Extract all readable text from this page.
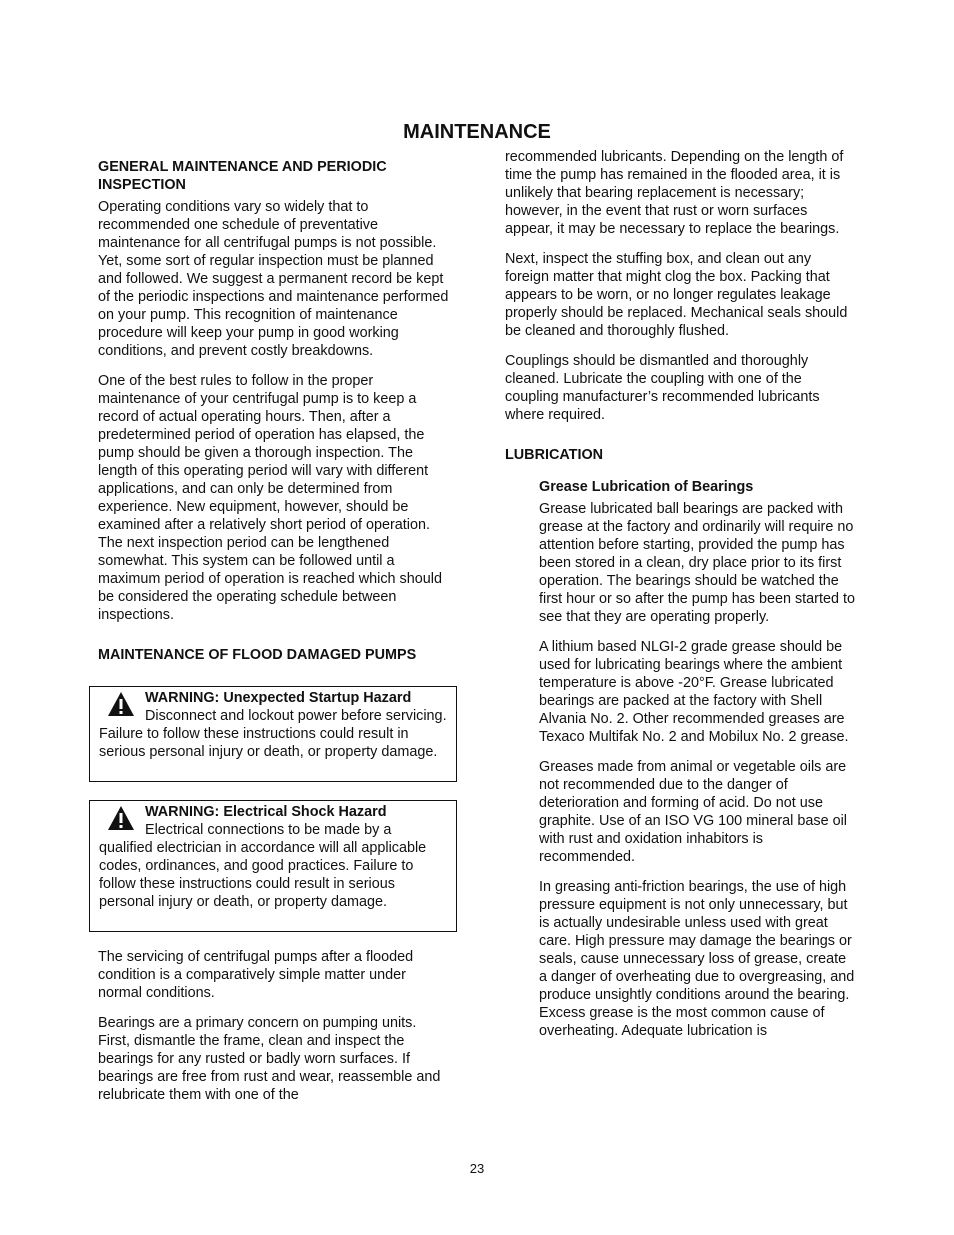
MAINTENANCE

GENERAL MAINTENANCE AND PERIODIC INSPECTION

Operating conditions vary so widely that to recommended one schedule of preventative maintenance for all centrifugal pumps is not possible. Yet, some sort of regular inspection must be planned and followed. We suggest a permanent record be kept of the periodic inspections and maintenance performed on your pump. This recognition of maintenance procedure will keep your pump in good working conditions, and prevent costly breakdowns.

One of the best rules to follow in the proper maintenance of your centrifugal pump is to keep a record of actual operating hours. Then, after a predetermined period of operation has elapsed, the pump should be given a thorough inspection. The length of this operating period will vary with different applications, and can only be determined from experience. New equipment, however, should be examined after a relatively short period of operation. The next inspection period can be lengthened somewhat. This system can be followed until a maximum period of operation is reached which should be considered the operating schedule between inspections.

MAINTENANCE OF FLOOD DAMAGED PUMPS

WARNING: Unexpected Startup Hazard
Disconnect and lockout power before servicing. Failure to follow these instructions could result in serious personal injury or death, or property damage.
WARNING: Electrical Shock Hazard
Electrical connections to be made by a qualified electrician in accordance will all applicable codes, ordinances, and good practices. Failure to follow these instructions could result in serious personal injury or death, or property damage.

The servicing of centrifugal pumps after a flooded condition is a comparatively simple matter under normal conditions.

Bearings are a primary concern on pumping units. First, dismantle the frame, clean and inspect the bearings for any rusted or badly worn surfaces. If bearings are free from rust and wear, reassemble and relubricate them with one of the

recommended lubricants. Depending on the length of time the pump has remained in the flooded area, it is unlikely that bearing replacement is necessary; however, in the event that rust or worn surfaces appear, it may be necessary to replace the bearings.

Next, inspect the stuffing box, and clean out any foreign matter that might clog the box. Packing that appears to be worn, or no longer regulates leakage properly should be replaced. Mechanical seals should be cleaned and thoroughly flushed.

Couplings should be dismantled and thoroughly cleaned. Lubricate the coupling with one of the coupling manufacturer’s recommended lubricants where required.

LUBRICATION

Grease Lubrication of Bearings

Grease lubricated ball bearings are packed with grease at the factory and ordinarily will require no attention before starting, provided the pump has been stored in a clean, dry place prior to its first operation. The bearings should be watched the first hour or so after the pump has been started to see that they are operating properly.

A lithium based NLGI-2 grade grease should be used for lubricating bearings where the ambient temperature is above -20°F. Grease lubricated bearings are packed at the factory with Shell Alvania No. 2. Other recommended greases are Texaco Multifak No. 2 and Mobilux No. 2 grease.

Greases made from animal or vegetable oils are not recommended due to the danger of deterioration and forming of acid. Do not use graphite. Use of an ISO VG 100 mineral base oil with rust and oxidation inhabitors is recommended.

In greasing anti-friction bearings, the use of high pressure equipment is not only unnecessary, but is actually undesirable unless used with great care. High pressure may damage the bearings or seals, cause unnecessary loss of grease, create a danger of overheating due to overgreasing, and produce unsightly conditions around the bearing. Excess grease is the most common cause of overheating. Adequate lubrication is

23
